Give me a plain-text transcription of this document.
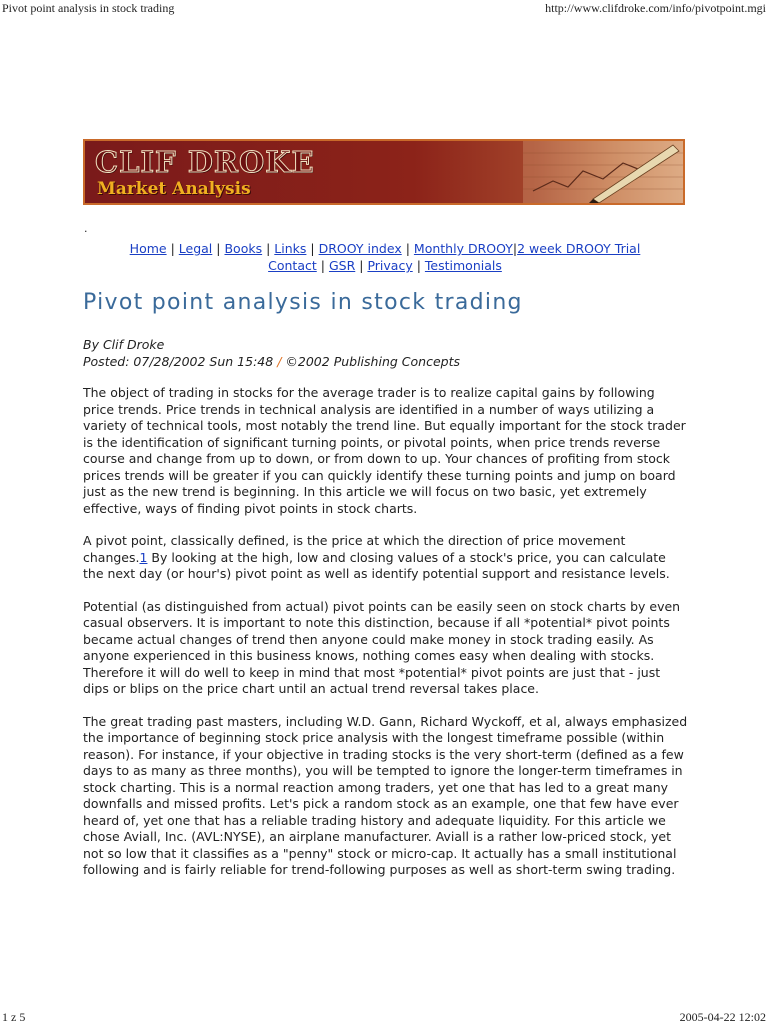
Pivot point analysis in stock trading	http://www.clifdroke.com/info/pivotpoint.mgi
CLIF DROKE
Market Analysis
.
Home | Legal | Books | Links | DROOY index | Monthly DROOY|2 week DROOY Trial
Contact | GSR | Privacy | Testimonials
Pivot point analysis in stock trading
By Clif Droke
Posted: 07/28/2002 Sun 15:48 / ©2002 Publishing Concepts

The object of trading in stocks for the average trader is to realize capital gains by following price trends. Price trends in technical analysis are identified in a number of ways utilizing a variety of technical tools, most notably the trend line. But equally important for the stock trader is the identification of significant turning points, or pivotal points, when price trends reverse course and change from up to down, or from down to up. Your chances of profiting from stock prices trends will be greater if you can quickly identify these turning points and jump on board just as the new trend is beginning. In this article we will focus on two basic, yet extremely effective, ways of finding pivot points in stock charts.

A pivot point, classically defined, is the price at which the direction of price movement changes.1 By looking at the high, low and closing values of a stock's price, you can calculate the next day (or hour's) pivot point as well as identify potential support and resistance levels.

Potential (as distinguished from actual) pivot points can be easily seen on stock charts by even casual observers. It is important to note this distinction, because if all *potential* pivot points became actual changes of trend then anyone could make money in stock trading easily. As anyone experienced in this business knows, nothing comes easy when dealing with stocks. Therefore it will do well to keep in mind that most *potential* pivot points are just that - just dips or blips on the price chart until an actual trend reversal takes place.

The great trading past masters, including W.D. Gann, Richard Wyckoff, et al, always emphasized the importance of beginning stock price analysis with the longest timeframe possible (within reason). For instance, if your objective in trading stocks is the very short-term (defined as a few days to as many as three months), you will be tempted to ignore the longer-term timeframes in stock charting. This is a normal reaction among traders, yet one that has led to a great many downfalls and missed profits. Let's pick a random stock as an example, one that few have ever heard of, yet one that has a reliable trading history and adequate liquidity. For this article we chose Aviall, Inc. (AVL:NYSE), an airplane manufacturer. Aviall is a rather low-priced stock, yet not so low that it classifies as a "penny" stock or micro-cap. It actually has a small institutional following and is fairly reliable for trend-following purposes as well as short-term swing trading.

1 z 5	2005-04-22 12:02
